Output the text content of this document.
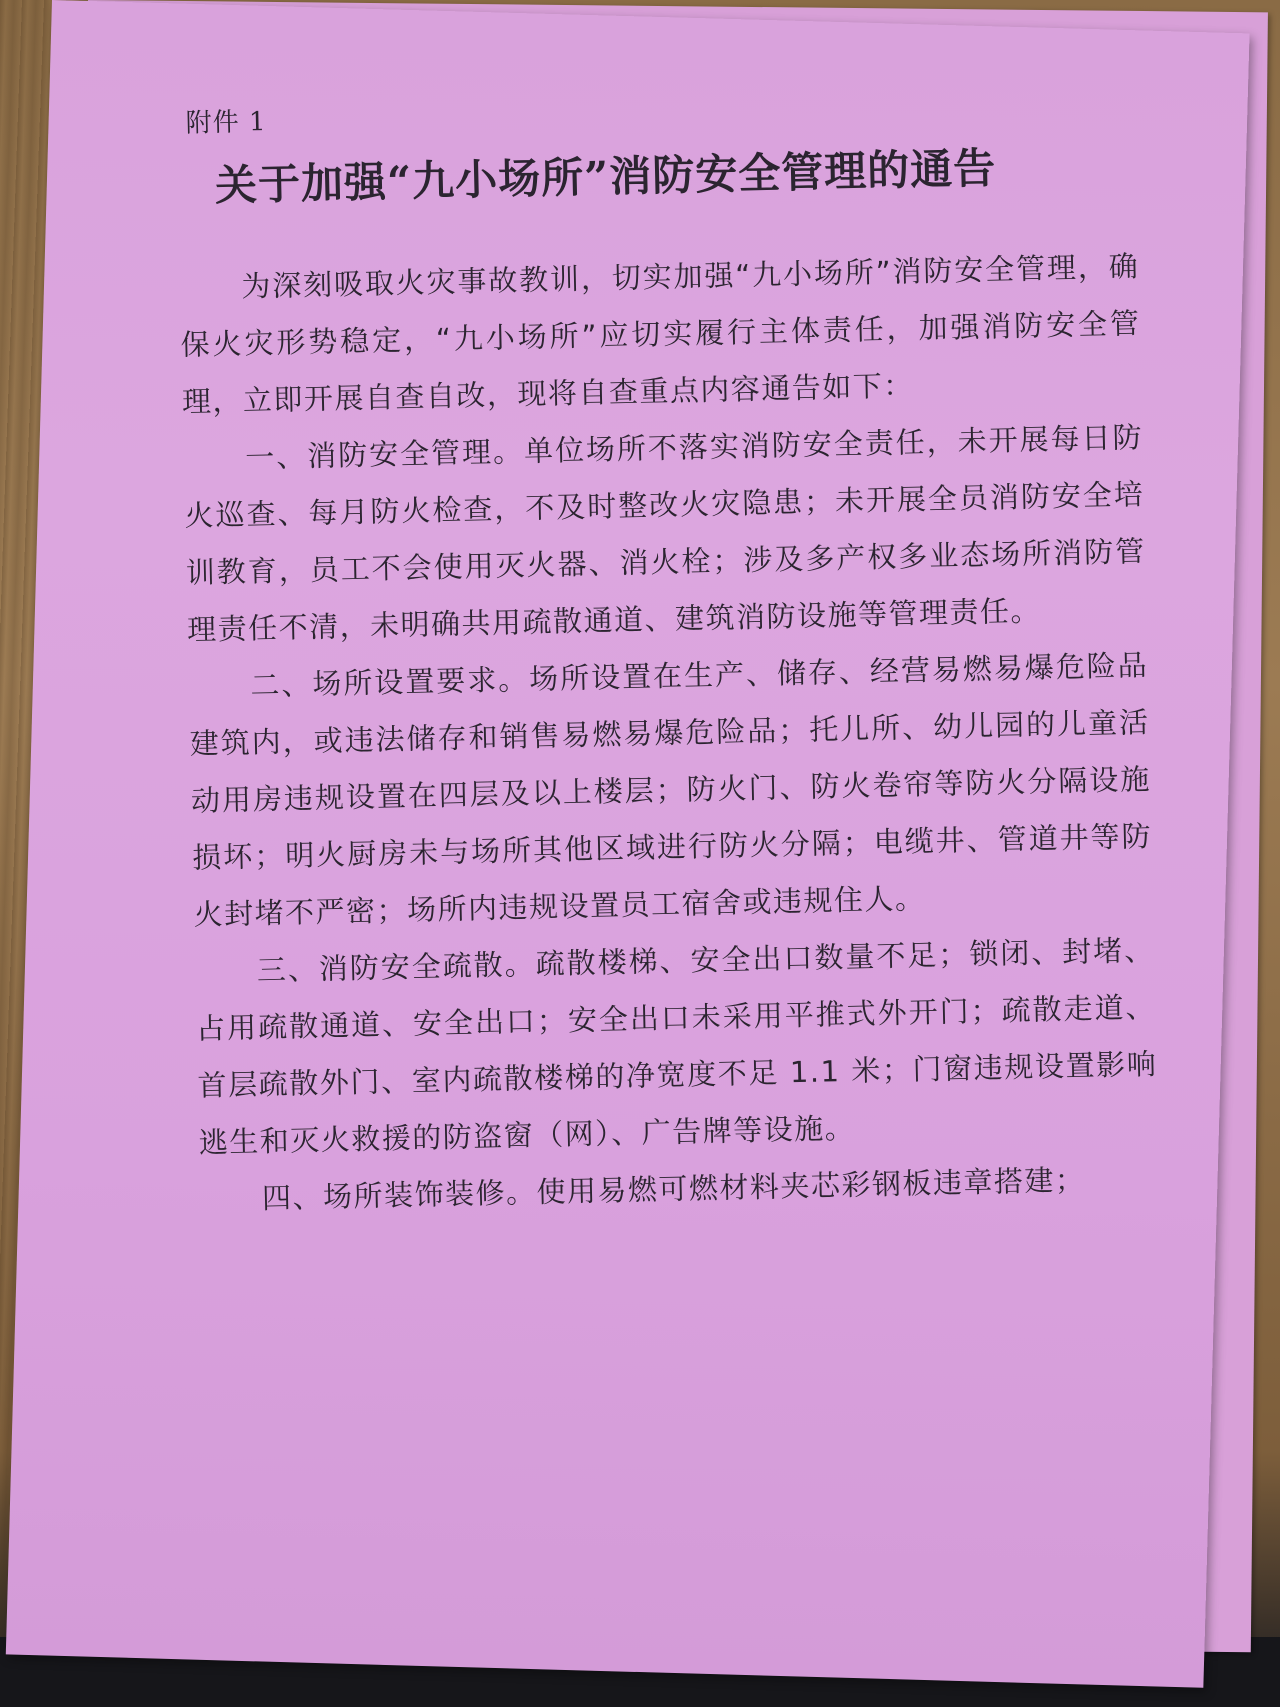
附件 1
关于加强“九小场所”消防安全管理的通告

为深刻吸取火灾事故教训，切实加强“九小场所”消防安全管理，确保火灾形势稳定，“九小场所”应切实履行主体责任，加强消防安全管理，立即开展自查自改，现将自查重点内容通告如下：

一、消防安全管理。单位场所不落实消防安全责任，未开展每日防火巡查、每月防火检查，不及时整改火灾隐患；未开展全员消防安全培训教育，员工不会使用灭火器、消火栓；涉及多产权多业态场所消防管理责任不清，未明确共用疏散通道、建筑消防设施等管理责任。

二、场所设置要求。场所设置在生产、储存、经营易燃易爆危险品建筑内，或违法储存和销售易燃易爆危险品；托儿所、幼儿园的儿童活动用房违规设置在四层及以上楼层；防火门、防火卷帘等防火分隔设施损坏；明火厨房未与场所其他区域进行防火分隔；电缆井、管道井等防火封堵不严密；场所内违规设置员工宿舍或违规住人。

三、消防安全疏散。疏散楼梯、安全出口数量不足；锁闭、封堵、占用疏散通道、安全出口；安全出口未采用平推式外开门；疏散走道、首层疏散外门、室内疏散楼梯的净宽度不足 1.1 米；门窗违规设置影响逃生和灭火救援的防盗窗（网）、广告牌等设施。

四、场所装饰装修。使用易燃可燃材料夹芯彩钢板违章搭建；
